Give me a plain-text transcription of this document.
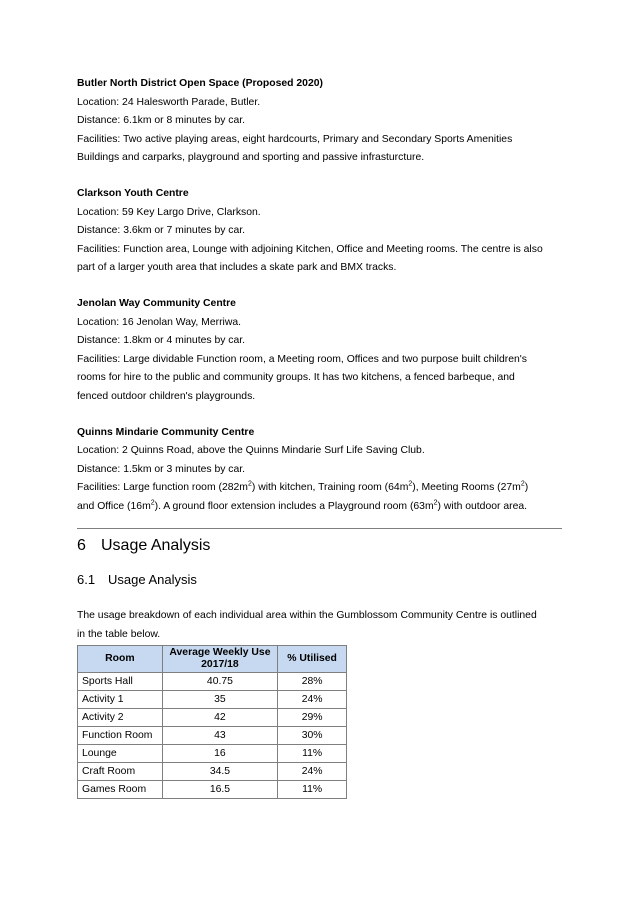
Butler North District Open Space (Proposed 2020)

Location: 24 Halesworth Parade, Butler.

Distance: 6.1km or 8 minutes by car.

Facilities: Two active playing areas, eight hardcourts, Primary and Secondary Sports Amenities

Buildings and carparks, playground and sporting and passive infrasturcture.

Clarkson Youth Centre

Location: 59 Key Largo Drive, Clarkson.

Distance: 3.6km or 7 minutes by car.

Facilities: Function area, Lounge with adjoining Kitchen, Office and Meeting rooms. The centre is also

part of a larger youth area that includes a skate park and BMX tracks.

Jenolan Way Community Centre

Location: 16 Jenolan Way, Merriwa.

Distance: 1.8km or 4 minutes by car.

Facilities: Large dividable Function room, a Meeting room, Offices and two purpose built children's

rooms for hire to the public and community groups. It has two kitchens, a fenced barbeque, and

fenced outdoor children's playgrounds.

Quinns Mindarie Community Centre

Location: 2 Quinns Road, above the Quinns Mindarie Surf Life Saving Club.

Distance: 1.5km or 3 minutes by car.

Facilities: Large function room $(282m^2)$ with kitchen, Training room $(64m^2)$, Meeting Rooms $(27m^2)$

and Office $(16m^2)$. A ground floor extension includes a Playground room $(63m^2)$ with outdoor area.

6 Usage Analysis
6.1 Usage Analysis

The usage breakdown of each individual area within the Gumblossom Community Centre is outlined
in the table below.

Room	Average Weekly Use 2017/18	% Utilised
Sports Hall	40.75	28%
Activity 1	35	24%
Activity 2	42	29%
Function Room	43	30%
Lounge	16	11%
Craft Room	34.5	24%
Games Room	16.5	11%
